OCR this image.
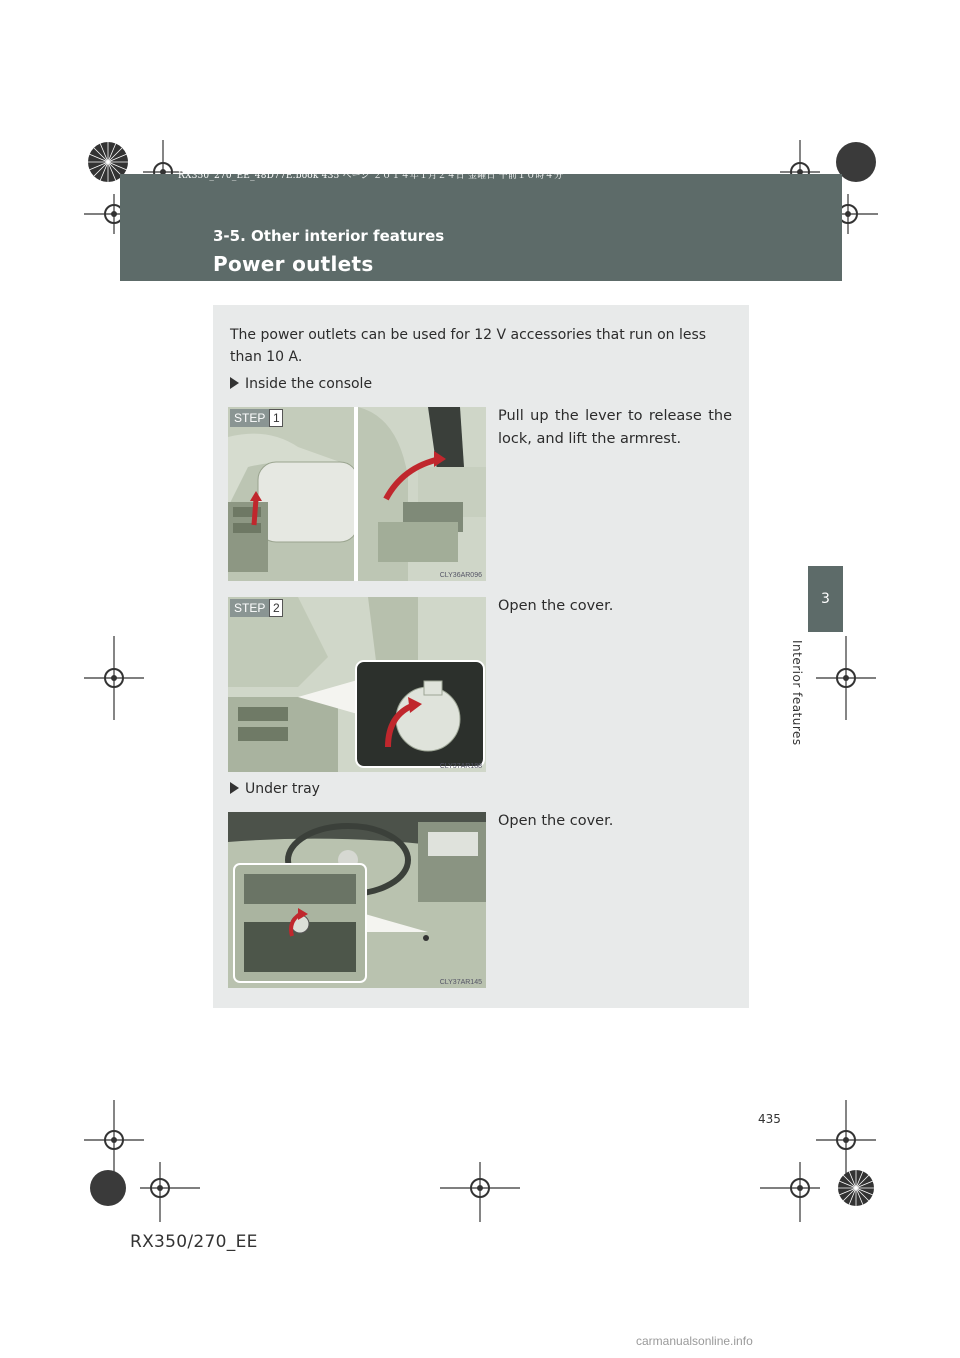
RX350_270_EE_48D77E.book 435 ページ ２０１４年１月２４日 金曜日 午前１０時４分
3-5. Other interior features
Power outlets
3
Interior features
The power outlets can be used for 12 V accessories that run on less than 10 A.
Inside the console
STEP 1
CLY36AR096
Pull up the lever to release the lock, and lift the armrest.
STEP 2
CLY37AR188
Open the cover.
Under tray
CLY37AR145
Open the cover.
435
RX350/270_EE
carmanualsonline.info
